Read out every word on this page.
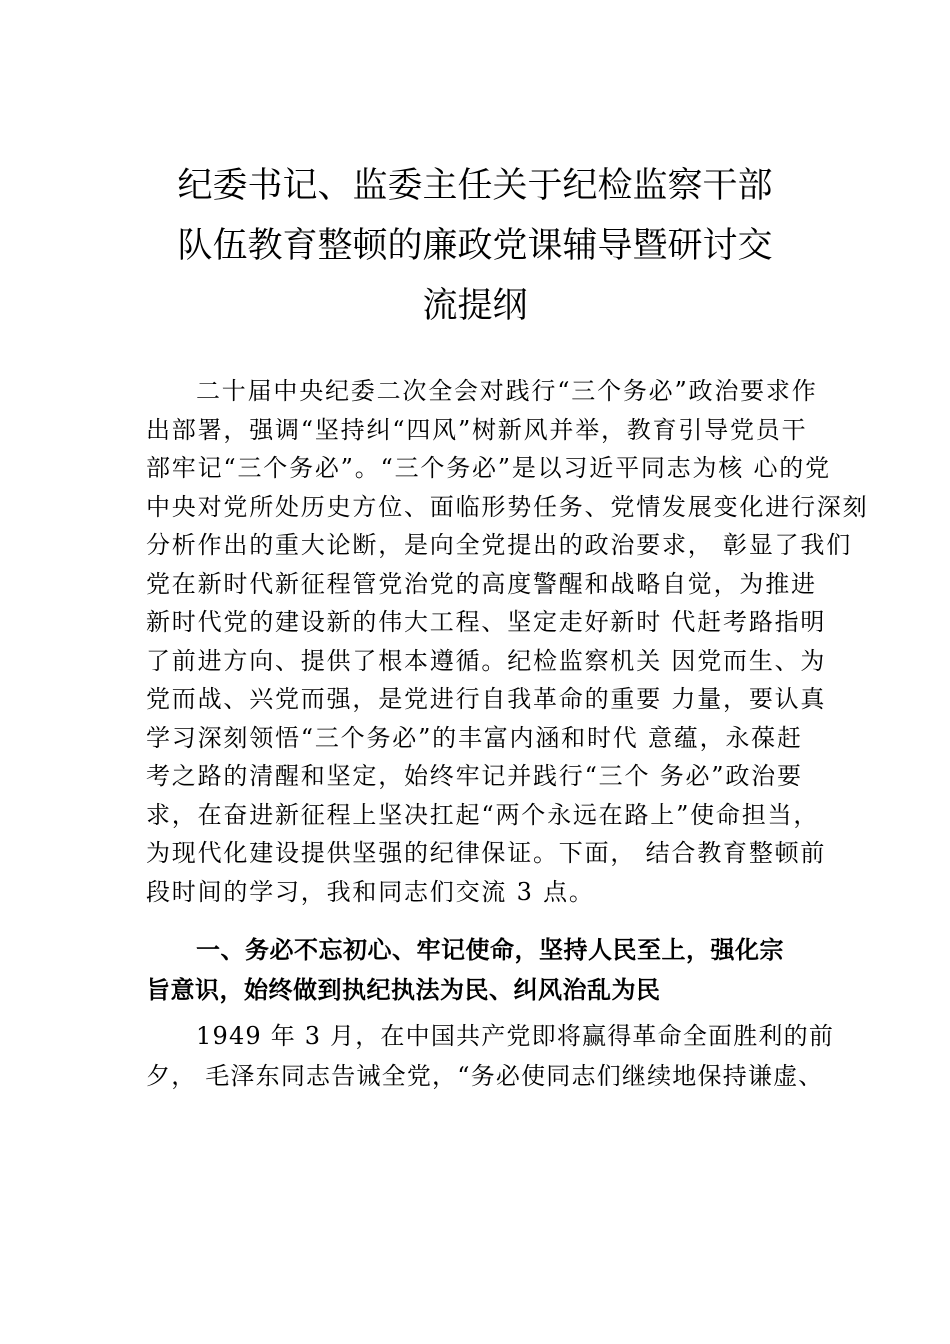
纪委书记、监委主任关于纪检监察干部
队伍教育整顿的廉政党课辅导暨研讨交
流提纲
二十届中央纪委二次全会对践行“三个务必”政治要求作
出部署，强调“坚持纠“四风”树新风并举，教育引导党员干
部牢记“三个务必”。“三个务必”是以习近平同志为核 心的党
中央对党所处历史方位、面临形势任务、党情发展变化进行深刻
分析作出的重大论断，是向全党提出的政治要求， 彰显了我们
党在新时代新征程管党治党的高度警醒和战略自觉，为推进
新时代党的建设新的伟大工程、坚定走好新时 代赶考路指明
了前进方向、提供了根本遵循。纪检监察机关 因党而生、为
党而战、兴党而强，是党进行自我革命的重要 力量，要认真
学习深刻领悟“三个务必”的丰富内涵和时代 意蕴，永葆赶
考之路的清醒和坚定，始终牢记并践行“三个 务必”政治要
求，在奋进新征程上坚决扛起“两个永远在路上”使命担当，
为现代化建设提供坚强的纪律保证。下面， 结合教育整顿前
段时间的学习，我和同志们交流 3 点。
一、务必不忘初心、牢记使命，坚持人民至上，强化宗
旨意识，始终做到执纪执法为民、纠风治乱为民
1949 年 3 月，在中国共产党即将赢得革命全面胜利的前
夕， 毛泽东同志告诫全党，“务必使同志们继续地保持谦虚、
